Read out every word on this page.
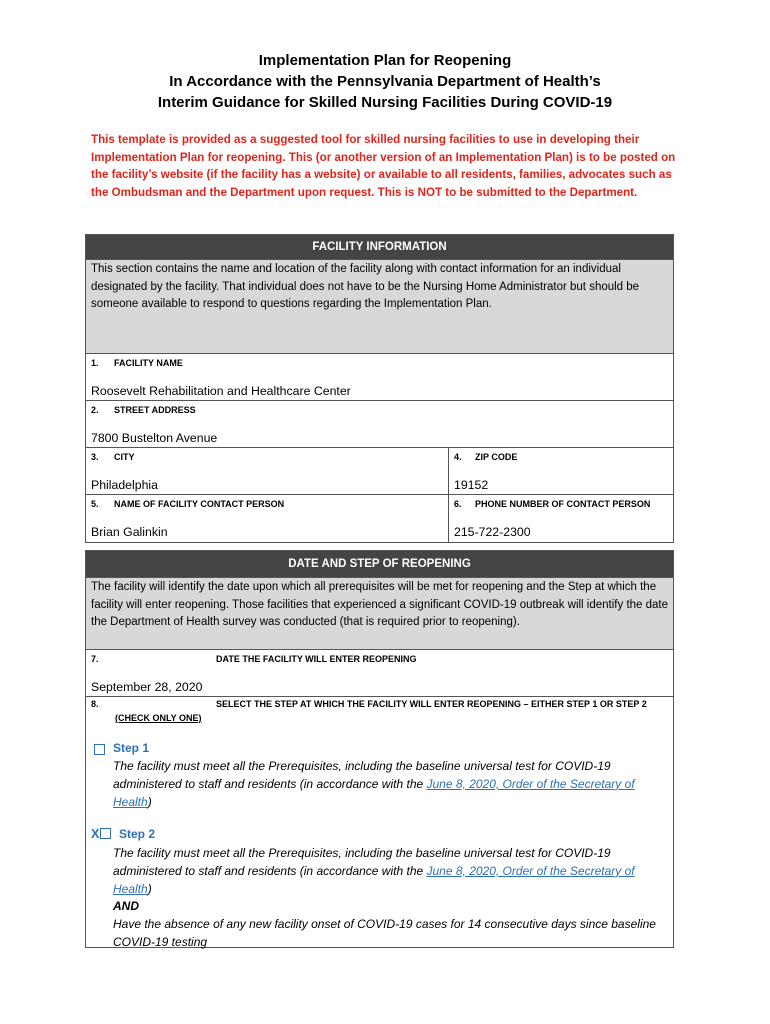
Implementation Plan for Reopening
In Accordance with the Pennsylvania Department of Health’s
Interim Guidance for Skilled Nursing Facilities During COVID-19
This template is provided as a suggested tool for skilled nursing facilities to use in developing their Implementation Plan for reopening. This (or another version of an Implementation Plan) is to be posted on the facility’s website (if the facility has a website) or available to all residents, families, advocates such as the Ombudsman and the Department upon request. This is NOT to be submitted to the Department.
FACILITY INFORMATION
This section contains the name and location of the facility along with contact information for an individual designated by the facility. That individual does not have to be the Nursing Home Administrator but should be someone available to respond to questions regarding the Implementation Plan.
1. FACILITY NAME
Roosevelt Rehabilitation and Healthcare Center
2. STREET ADDRESS
7800 Bustelton Avenue
3. CITY
Philadelphia
4. ZIP CODE
19152
5. NAME OF FACILITY CONTACT PERSON
Brian Galinkin
6. PHONE NUMBER OF CONTACT PERSON
215-722-2300
DATE AND STEP OF REOPENING
The facility will identify the date upon which all prerequisites will be met for reopening and the Step at which the facility will enter reopening. Those facilities that experienced a significant COVID-19 outbreak will identify the date the Department of Health survey was conducted (that is required prior to reopening).
7.	DATE THE FACILITY WILL ENTER REOPENING
September 28, 2020
8.	SELECT THE STEP AT WHICH THE FACILITY WILL ENTER REOPENING – EITHER STEP 1 OR STEP 2
(CHECK ONLY ONE)
Step 1
The facility must meet all the Prerequisites, including the baseline universal test for COVID-19 administered to staff and residents (in accordance with the June 8, 2020, Order of the Secretary of Health)
X Step 2
The facility must meet all the Prerequisites, including the baseline universal test for COVID-19 administered to staff and residents (in accordance with the June 8, 2020, Order of the Secretary of Health)
AND
Have the absence of any new facility onset of COVID-19 cases for 14 consecutive days since baseline COVID-19 testing
